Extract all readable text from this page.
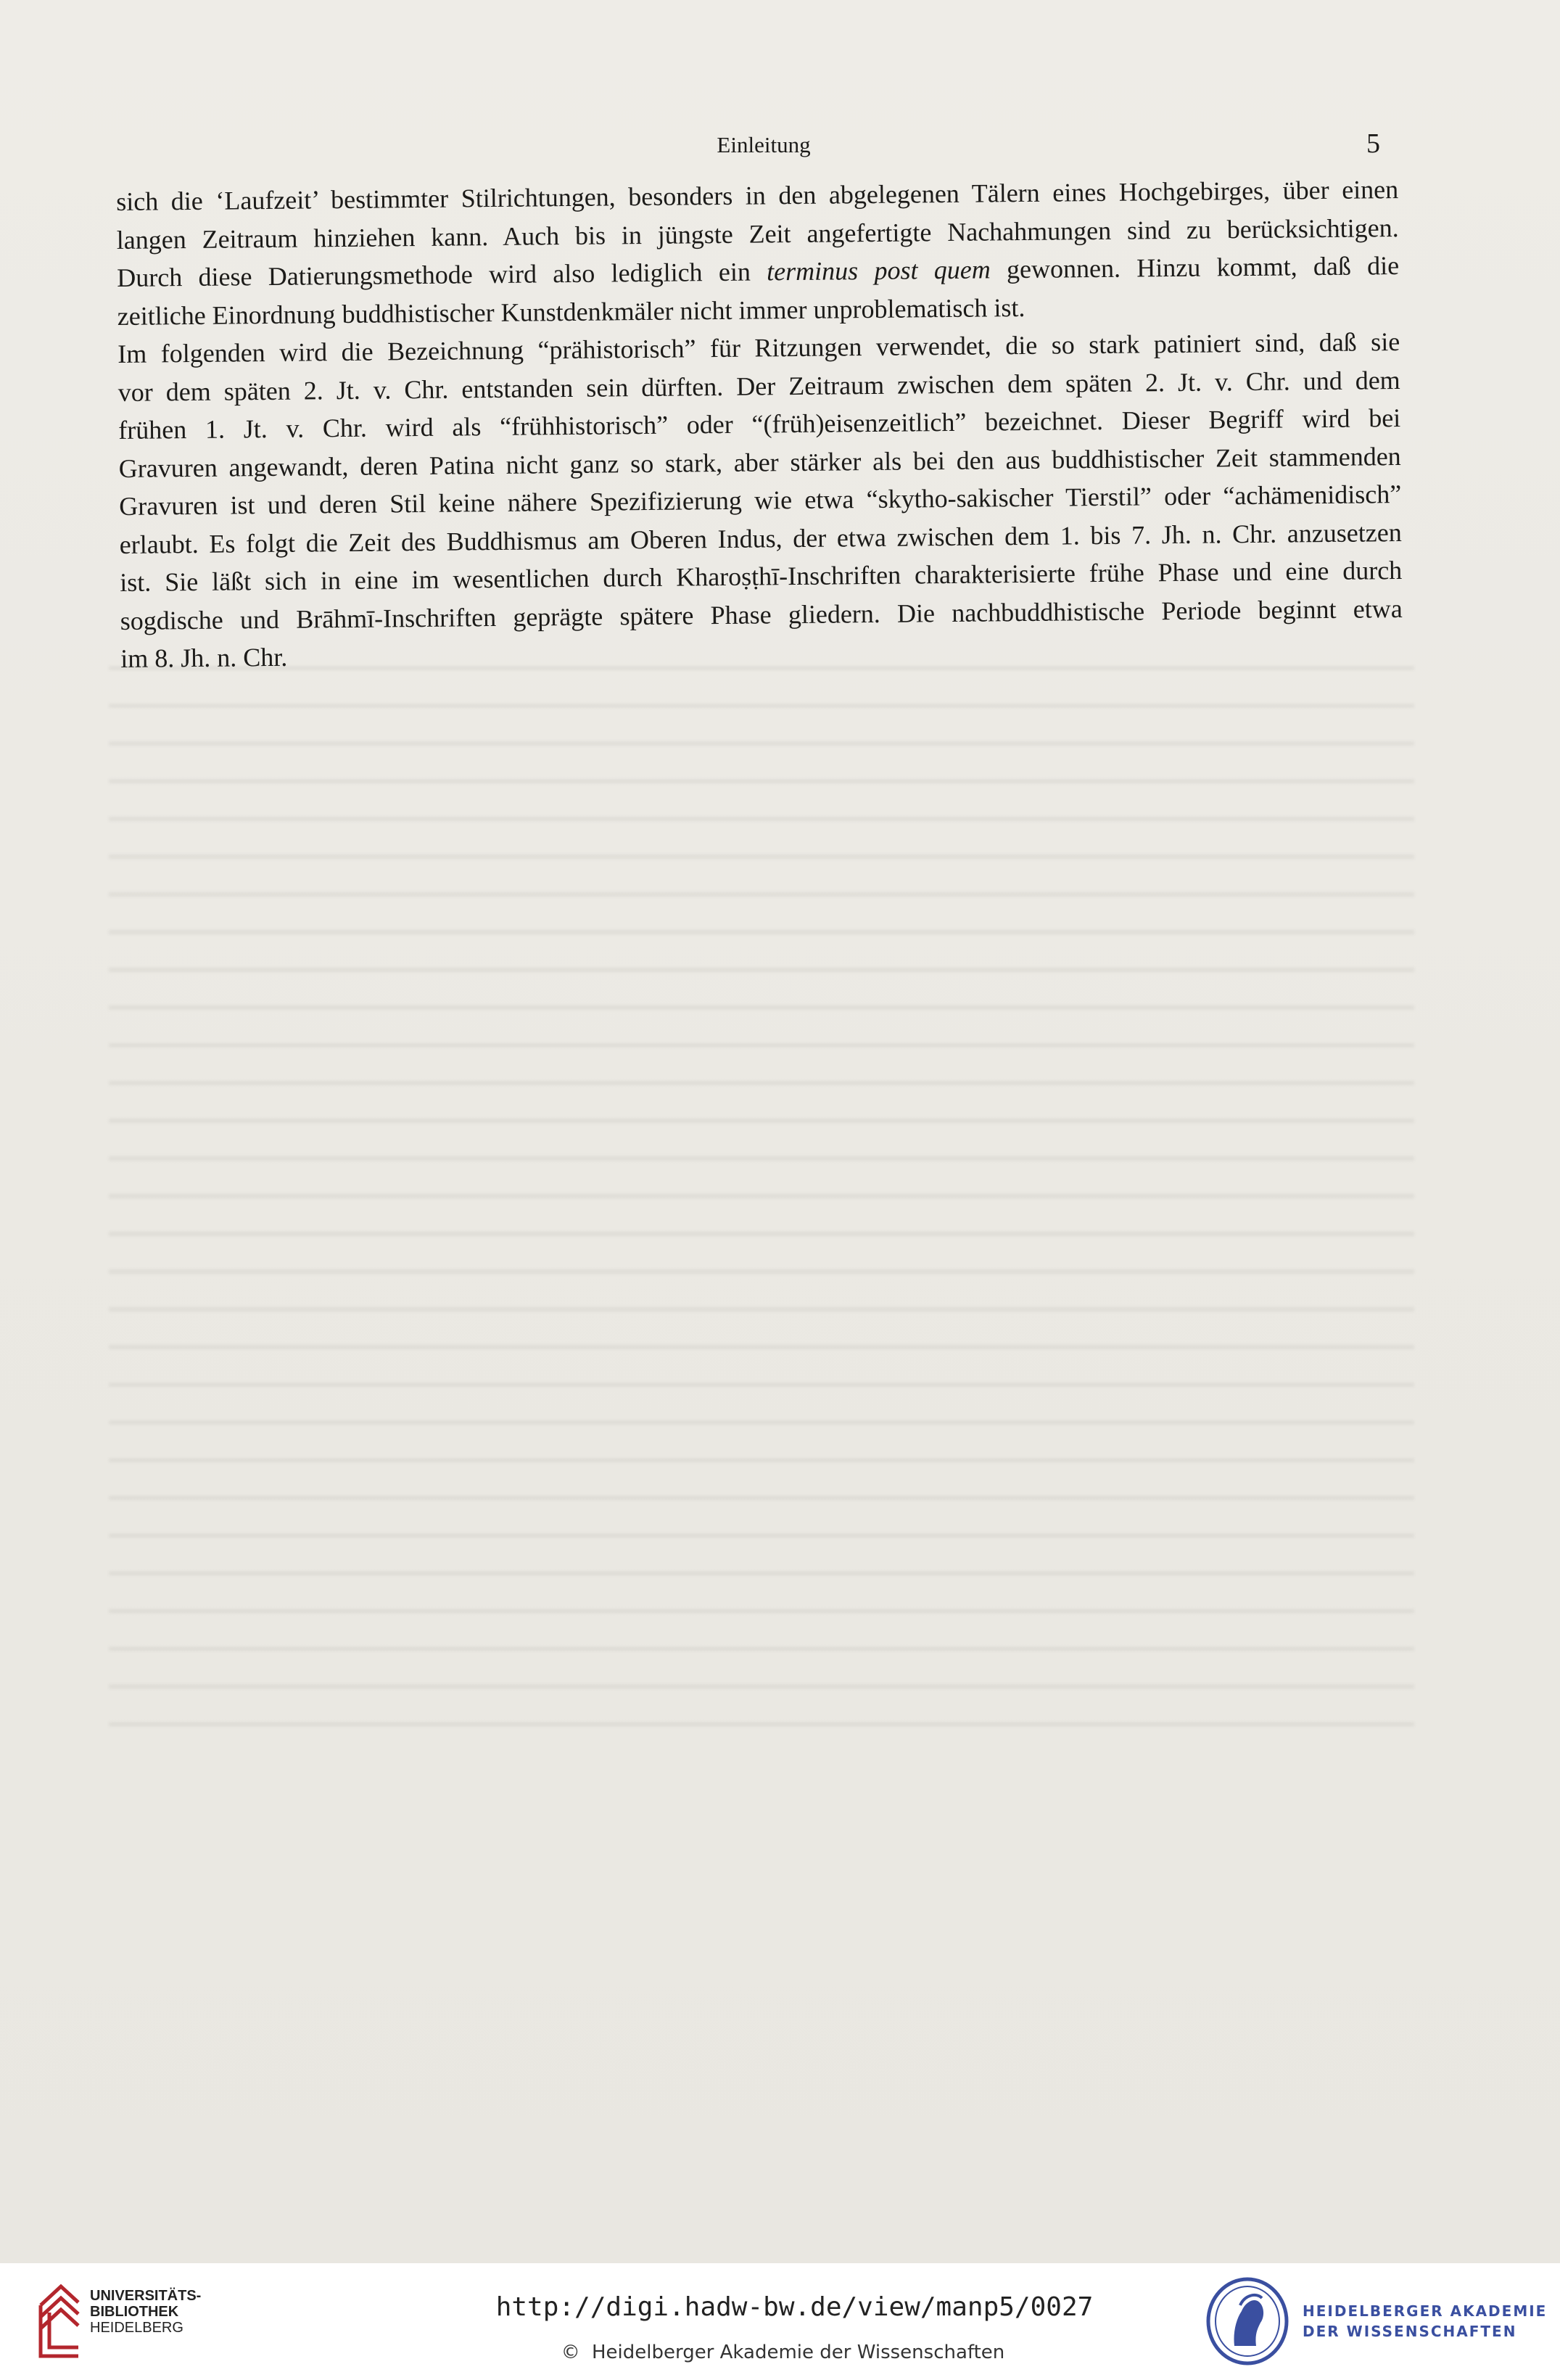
Einleitung	5
sich die ‘Laufzeit’ bestimmter Stilrichtungen, besonders in den abgelegenen Tälern eines Hochgebirges, über einen
langen Zeitraum hinziehen kann. Auch bis in jüngste Zeit angefertigte Nachahmungen sind zu berücksichtigen.
Durch diese Datierungsmethode wird also lediglich ein terminus post quem gewonnen. Hinzu kommt, daß die
zeitliche Einordnung buddhistischer Kunstdenkmäler nicht immer unproblematisch ist.
Im folgenden wird die Bezeichnung “prähistorisch” für Ritzungen verwendet, die so stark patiniert sind, daß sie
vor dem späten 2. Jt. v. Chr. entstanden sein dürften. Der Zeitraum zwischen dem späten 2. Jt. v. Chr. und dem
frühen 1. Jt. v. Chr. wird als “frühhistorisch” oder “(früh)eisenzeitlich” bezeichnet. Dieser Begriff wird bei
Gravuren angewandt, deren Patina nicht ganz so stark, aber stärker als bei den aus buddhistischer Zeit stammenden
Gravuren ist und deren Stil keine nähere Spezifizierung wie etwa “skytho-sakischer Tierstil” oder “achämenidisch”
erlaubt. Es folgt die Zeit des Buddhismus am Oberen Indus, der etwa zwischen dem 1. bis 7. Jh. n. Chr. anzusetzen
ist. Sie läßt sich in eine im wesentlichen durch Kharoṣṭhī-Inschriften charakterisierte frühe Phase und eine durch
sogdische und Brāhmī-Inschriften geprägte spätere Phase gliedern. Die nachbuddhistische Periode beginnt etwa
im 8. Jh. n. Chr.
UNIVERSITÄTS-
BIBLIOTHEK
HEIDELBERG
http://digi.hadw-bw.de/view/manp5/0027
© Heidelberger Akademie der Wissenschaften
HEIDELBERGER AKADEMIE
DER WISSENSCHAFTEN
